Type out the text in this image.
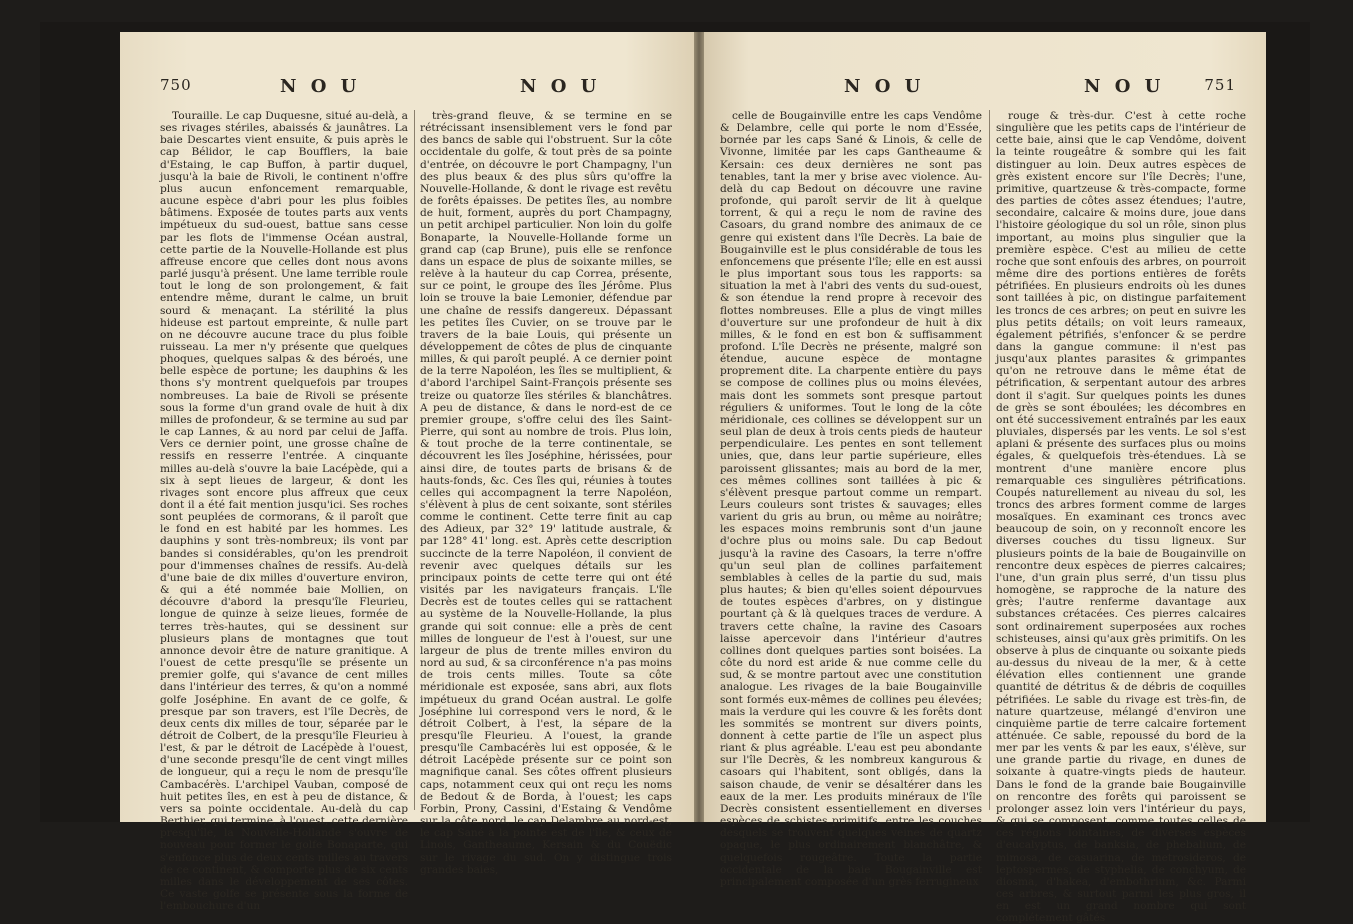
750	N O U	N O U

Touraille. Le cap Duquesne, situé au-delà, a ses rivages stériles, abaissés & jaunâtres. La baie Descartes vient ensuite, & puis après le cap Bélidor, le cap Boufflers, la baie d'Estaing, le cap Buffon, à partir duquel, jusqu'à la baie de Rivoli, le continent n'offre plus aucun enfoncement remarquable, aucune espèce d'abri pour les plus foibles bâtimens. Exposée de toutes parts aux vents impétueux du sud-ouest, battue sans cesse par les flots de l'immense Océan austral, cette partie de la Nouvelle-Hollande est plus affreuse encore que celles dont nous avons parlé jusqu'à présent. Une lame terrible roule tout le long de son prolongement, & fait entendre même, durant le calme, un bruit sourd & menaçant. La stérilité la plus hideuse est partout empreinte, & nulle part on ne découvre aucune trace du plus foible ruisseau. La mer n'y présente que quelques phoques, quelques salpas & des béroés, une belle espèce de portune; les dauphins & les thons s'y montrent quelquefois par troupes nombreuses. La baie de Rivoli se présente sous la forme d'un grand ovale de huit à dix milles de profondeur, & se termine au sud par le cap Lannes, & au nord par celui de Jaffa. Vers ce dernier point, une grosse chaîne de ressifs en resserre l'entrée. A cinquante milles au-delà s'ouvre la baie Lacépède, qui a six à sept lieues de largeur, & dont les rivages sont encore plus affreux que ceux dont il a été fait mention jusqu'ici. Ses roches sont peuplées de cormorans, & il paroît que le fond en est habité par les hommes. Les dauphins y sont très-nombreux; ils vont par bandes si considérables, qu'on les prendroit pour d'immenses chaînes de ressifs. Au-delà d'une baie de dix milles d'ouverture environ, & qui a été nommée baie Mollien, on découvre d'abord la presqu'île Fleurieu, longue de quinze à seize lieues, formée de terres très-hautes, qui se dessinent sur plusieurs plans de montagnes que tout annonce devoir être de nature granitique. A l'ouest de cette presqu'île se présente un premier golfe, qui s'avance de cent milles dans l'intérieur des terres, & qu'on a nommé golfe Joséphine. En avant de ce golfe, & presque par son travers, est l'île Decrès, de deux cents dix milles de tour, séparée par le détroit de Colbert, de la presqu'île Fleurieu à l'est, & par le détroit de Lacépède à l'ouest, d'une seconde presqu'île de cent vingt milles de longueur, qui a reçu le nom de presqu'île Cambacérès. L'archipel Vauban, composé de huit petites îles, en est à peu de distance, & vers sa pointe occidentale. Au-delà du cap Berthier, qui termine, à l'ouest, cette dernière presqu'île, la Nouvelle-Hollande s'ouvre de nouveau pour former le golfe Bonaparte, qui s'enfonce plus de deux cents milles au travers de ce continent, & comporte plus de six cents milles dans le développement de ses côtes. Ce vaste golfe se présente sous la forme de l'embouchure d'un

très-grand fleuve, & se termine en se rétrécissant insensiblement vers le fond par des bancs de sable qui l'obstruent. Sur la côte occidentale du golfe, & tout près de sa pointe d'entrée, on découvre le port Champagny, l'un des plus beaux & des plus sûrs qu'offre la Nouvelle-Hollande, & dont le rivage est revêtu de forêts épaisses. De petites îles, au nombre de huit, forment, auprès du port Champagny, un petit archipel particulier. Non loin du golfe Bonaparte, la Nouvelle-Hollande forme un grand cap (cap Brune), puis elle se renfonce dans un espace de plus de soixante milles, se relève à la hauteur du cap Correa, présente, sur ce point, le groupe des îles Jérôme. Plus loin se trouve la baie Lemonier, défendue par une chaîne de ressifs dangereux. Dépassant les petites îles Cuvier, on se trouve par le travers de la baie Louis, qui présente un développement de côtes de plus de cinquante milles, & qui paroît peuplé. A ce dernier point de la terre Napoléon, les îles se multiplient, & d'abord l'archipel Saint-François présente ses treize ou quatorze îles stériles & blanchâtres. A peu de distance, & dans le nord-est de ce premier groupe, s'offre celui des îles Saint-Pierre, qui sont au nombre de trois. Plus loin, & tout proche de la terre continentale, se découvrent les îles Joséphine, hérissées, pour ainsi dire, de toutes parts de brisans & de hauts-fonds, &c. Ces îles qui, réunies à toutes celles qui accompagnent la terre Napoléon, s'élèvent à plus de cent soixante, sont stériles comme le continent. Cette terre finit au cap des Adieux, par 32° 19' latitude australe, & par 128° 41' long. est. Après cette description succincte de la terre Napoléon, il convient de revenir avec quelques détails sur les principaux points de cette terre qui ont été visités par les navigateurs français. L'île Decrès est de toutes celles qui se rattachent au système de la Nouvelle-Hollande, la plus grande qui soit connue: elle a près de cent milles de longueur de l'est à l'ouest, sur une largeur de plus de trente milles environ du nord au sud, & sa circonférence n'a pas moins de trois cents milles. Toute sa côte méridionale est exposée, sans abri, aux flots impétueux du grand Océan austral. Le golfe Joséphine lui correspond vers le nord, & le détroit Colbert, à l'est, la sépare de la presqu'île Fleurieu. A l'ouest, la grande presqu'île Cambacérès lui est opposée, & le détroit Lacépède présente sur ce point son magnifique canal. Ses côtes offrent plusieurs caps, notamment ceux qui ont reçu les noms de Bedout & de Borda, à l'ouest; les caps Forbin, Prony, Cassini, d'Estaing & Vendôme sur la côte nord, le cap Delambre au nord-est, le cap Sané à la pointe est de l'île, & ceux de Linois, Gantheaume, Kersain & du Couëdic sur le rivage du sud. On y distingue trois grandes baies,

N O U	N O U	751

celle de Bougainville entre les caps Vendôme & Delambre, celle qui porte le nom d'Essée, bornée par les caps Sané & Linois, & celle de Vivonne, limitée par les caps Gantheaume & Kersain: ces deux dernières ne sont pas tenables, tant la mer y brise avec violence. Au-delà du cap Bedout on découvre une ravine profonde, qui paroît servir de lit à quelque torrent, & qui a reçu le nom de ravine des Casoars, du grand nombre des animaux de ce genre qui existent dans l'île Decrès. La baie de Bougainville est le plus considérable de tous les enfoncemens que présente l'île; elle en est aussi le plus important sous tous les rapports: sa situation la met à l'abri des vents du sud-ouest, & son étendue la rend propre à recevoir des flottes nombreuses. Elle a plus de vingt milles d'ouverture sur une profondeur de huit à dix milles, & le fond en est bon & suffisamment profond. L'île Decrès ne présente, malgré son étendue, aucune espèce de montagne proprement dite. La charpente entière du pays se compose de collines plus ou moins élevées, mais dont les sommets sont presque partout réguliers & uniformes. Tout le long de la côte méridionale, ces collines se développent sur un seul plan de deux à trois cents pieds de hauteur perpendiculaire. Les pentes en sont tellement unies, que, dans leur partie supérieure, elles paroissent glissantes; mais au bord de la mer, ces mêmes collines sont taillées à pic & s'élèvent presque partout comme un rempart. Leurs couleurs sont tristes & sauvages; elles varient du gris au brun, ou même au noirâtre; les espaces moins rembrunis sont d'un jaune d'ochre plus ou moins sale. Du cap Bedout jusqu'à la ravine des Casoars, la terre n'offre qu'un seul plan de collines parfaitement semblables à celles de la partie du sud, mais plus hautes; & bien qu'elles soient dépourvues de toutes espèces d'arbres, on y distingue pourtant çà & là quelques traces de verdure. A travers cette chaîne, la ravine des Casoars laisse apercevoir dans l'intérieur d'autres collines dont quelques parties sont boisées. La côte du nord est aride & nue comme celle du sud, & se montre partout avec une constitution analogue. Les rivages de la baie Bougainville sont formés eux-mêmes de collines peu élevées; mais la verdure qui les couvre & les forêts dont les sommités se montrent sur divers points, donnent à cette partie de l'île un aspect plus riant & plus agréable. L'eau est peu abondante sur l'île Decrès, & les nombreux kangurous & casoars qui l'habitent, sont obligés, dans la saison chaude, de venir se désaltérer dans les eaux de la mer. Les produits minéraux de l'île Decrès consistent essentiellement en diverses espèces de schistes primitifs, entre les couches desquels se trouvent quelques veines de quartz opaque, le plus ordinairement blanchâtre, & quelquefois rougeâtre. Toute la partie occidentale de la baie Bougainville est principalement composée d'un grès ferrugineux

rouge & très-dur. C'est à cette roche singulière que les petits caps de l'intérieur de cette baie, ainsi que le cap Vendôme, doivent la teinte rougeâtre & sombre qui les fait distinguer au loin. Deux autres espèces de grès existent encore sur l'île Decrès; l'une, primitive, quartzeuse & très-compacte, forme des parties de côtes assez étendues; l'autre, secondaire, calcaire & moins dure, joue dans l'histoire géologique du sol un rôle, sinon plus important, au moins plus singulier que la première espèce. C'est au milieu de cette roche que sont enfouis des arbres, on pourroit même dire des portions entières de forêts pétrifiées. En plusieurs endroits où les dunes sont taillées à pic, on distingue parfaitement les troncs de ces arbres; on peut en suivre les plus petits détails; on voit leurs rameaux, également pétrifiés, s'enfoncer & se perdre dans la gangue commune: il n'est pas jusqu'aux plantes parasites & grimpantes qu'on ne retrouve dans le même état de pétrification, & serpentant autour des arbres dont il s'agit. Sur quelques points les dunes de grès se sont éboulées; les décombres en ont été successivement entraînés par les eaux pluviales, dispersés par les vents. Le sol s'est aplani & présente des surfaces plus ou moins égales, & quelquefois très-étendues. Là se montrent d'une manière encore plus remarquable ces singulières pétrifications. Coupés naturellement au niveau du sol, les troncs des arbres forment comme de larges mosaïques. En examinant ces troncs avec beaucoup de soin, on y reconnoît encore les diverses couches du tissu ligneux. Sur plusieurs points de la baie de Bougainville on rencontre deux espèces de pierres calcaires; l'une, d'un grain plus serré, d'un tissu plus homogène, se rapproche de la nature des grès; l'autre renferme davantage aux substances crétacées. Ces pierres calcaires sont ordinairement superposées aux roches schisteuses, ainsi qu'aux grès primitifs. On les observe à plus de cinquante ou soixante pieds au-dessus du niveau de la mer, & à cette élévation elles contiennent une grande quantité de détritus & de débris de coquilles pétrifiées. Le sable du rivage est très-fin, de nature quartzeuse, mélangé d'environ une cinquième partie de terre calcaire fortement atténuée. Ce sable, repoussé du bord de la mer par les vents & par les eaux, s'élève, sur une grande partie du rivage, en dunes de soixante à quatre-vingts pieds de hauteur. Dans le fond de la grande baie Bougainville on rencontre des forêts qui paroissent se prolonger assez loin vers l'intérieur du pays, & qui se composent, comme toutes celles de ces régions lointaines, de diverses espèces d'eucalyptus, de banksia, de phebalium, de mimosa, de casuarina, de metrosideros, de leptospermes, de styphelia, de conchyum, de diosma, d'hakea, d'embothrium, &c. Parmi ces arbres, & surtout parmi les plus gros, il en est un grand nombre qui sont complétement gâtés
